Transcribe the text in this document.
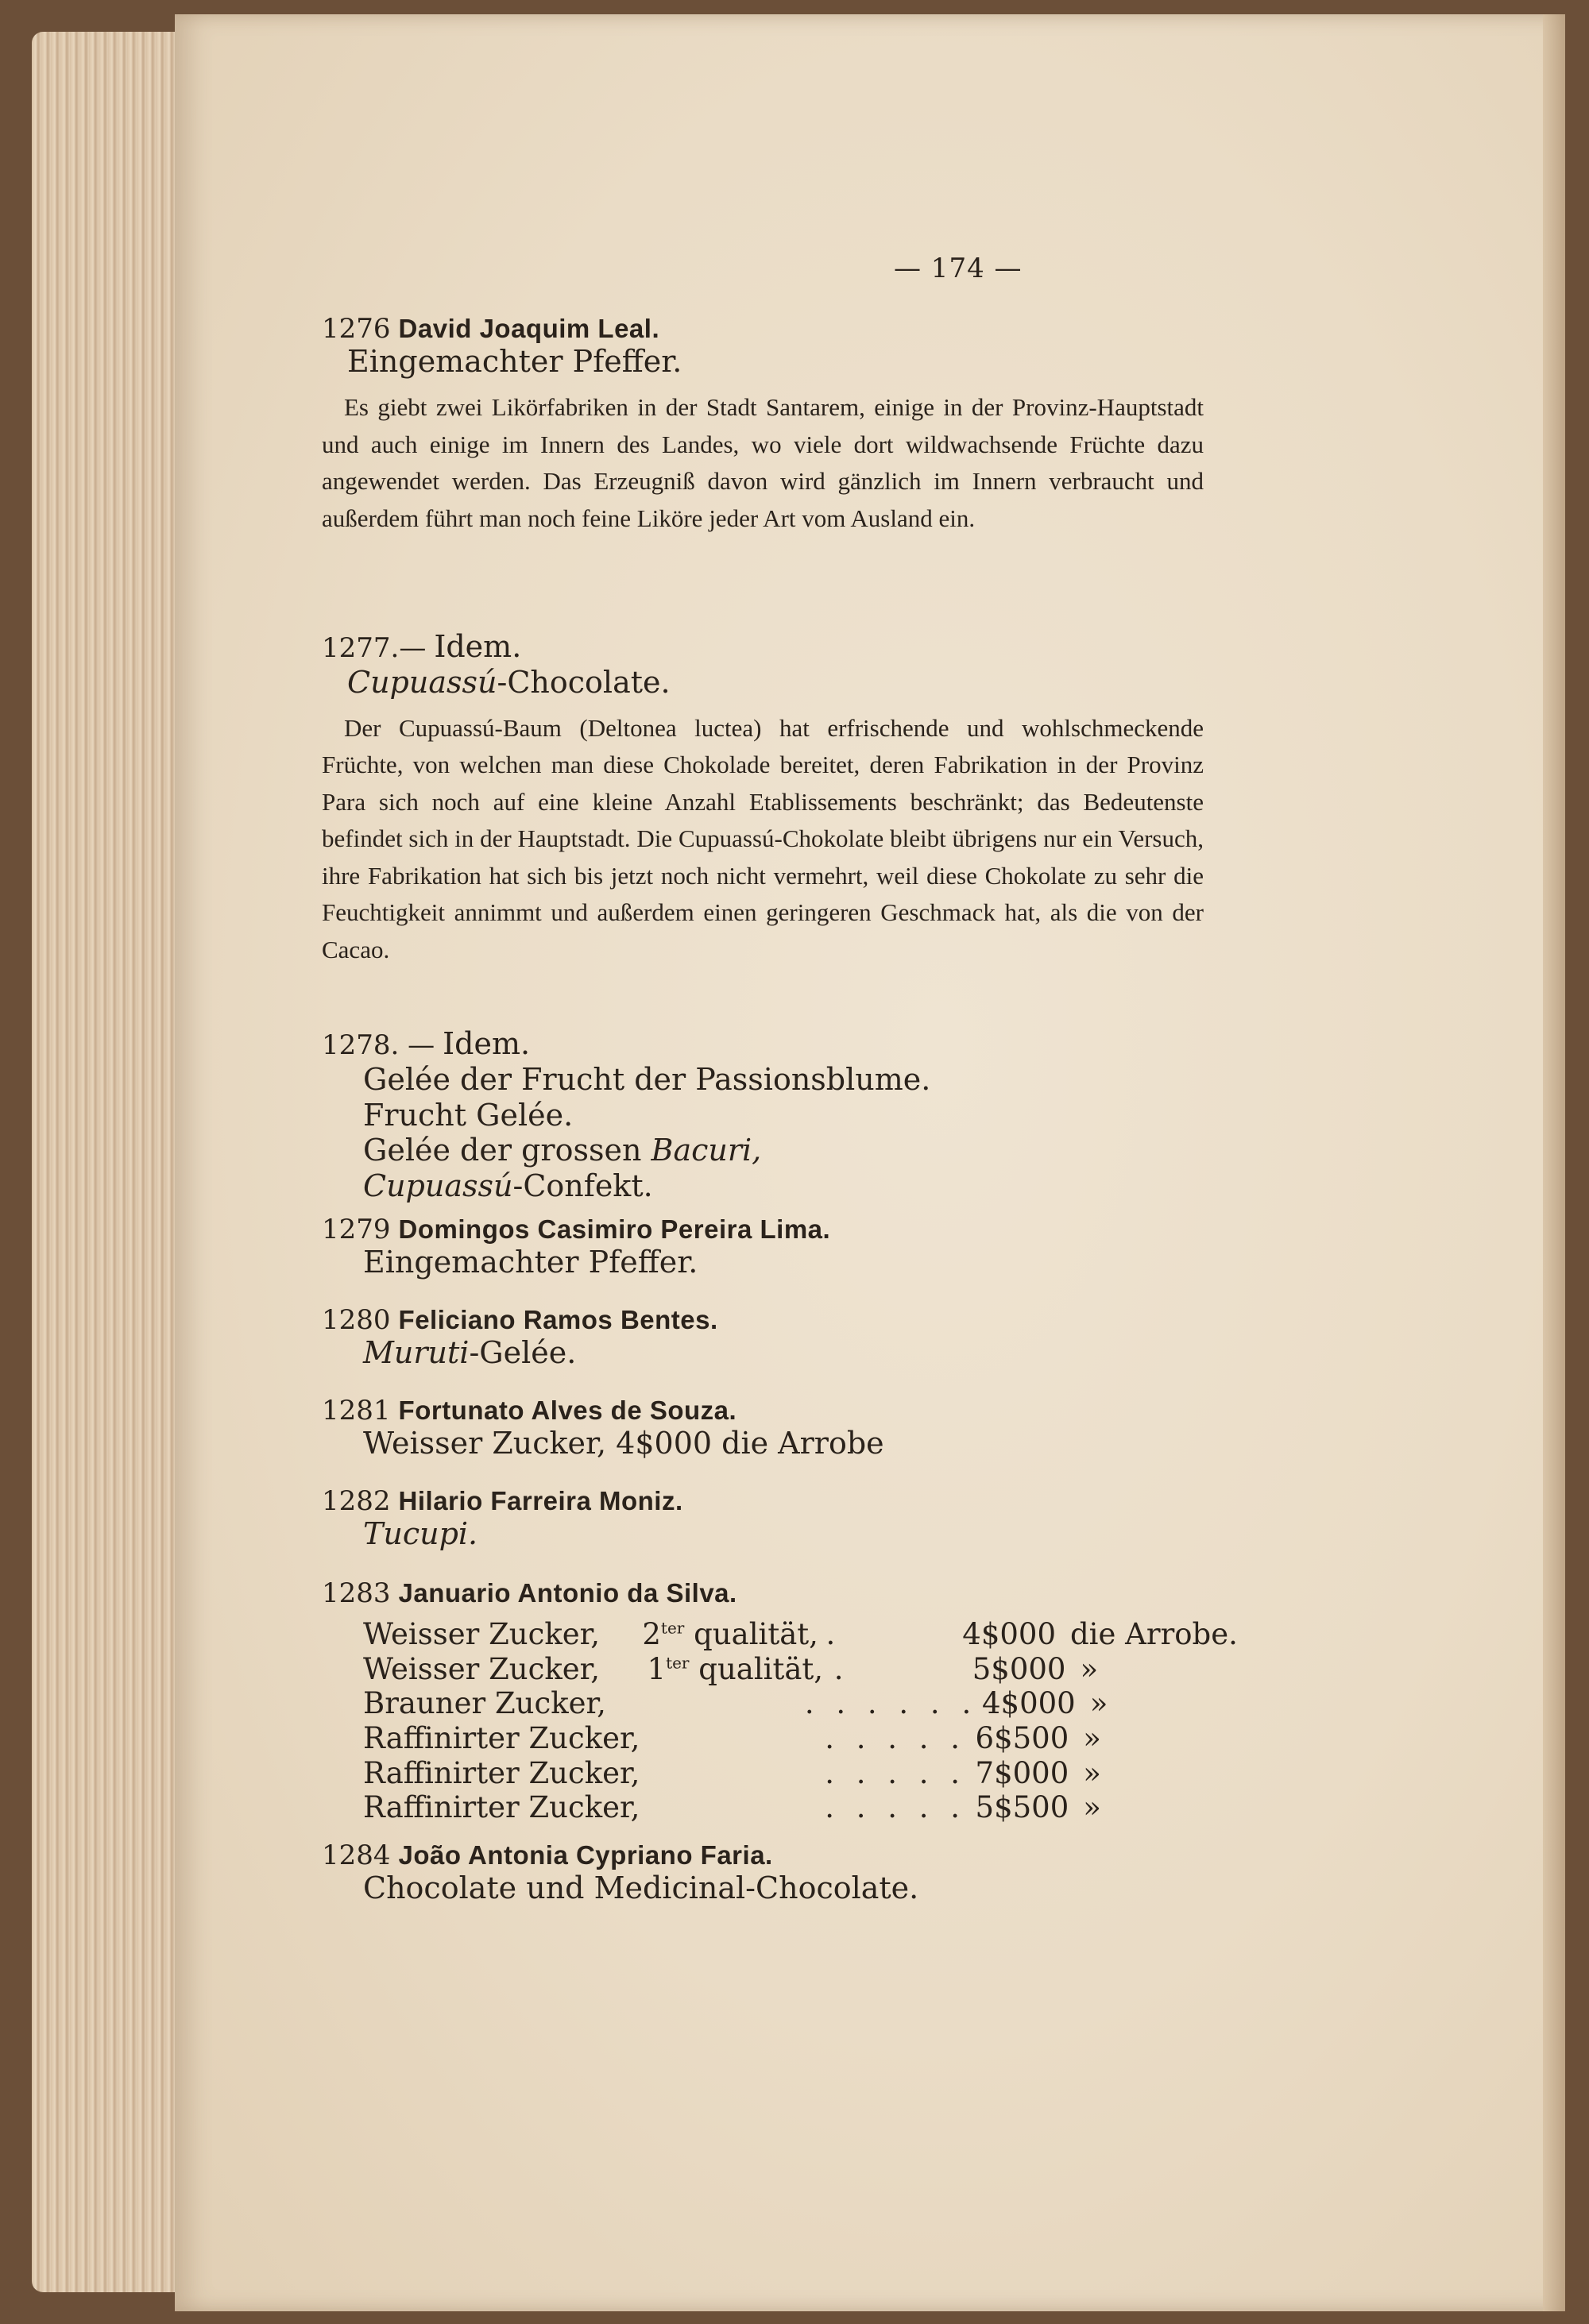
— 174 —
1276 David Joaquim Leal.
Eingemachter Pfeffer.

Es giebt zwei Likörfabriken in der Stadt Santarem, einige in der Provinz-Hauptstadt und auch einige im Innern des Landes, wo viele dort wildwachsende Früchte dazu angewendet werden. Das Erzeugniß davon wird gänzlich im Innern verbraucht und außerdem führt man noch feine Liköre jeder Art vom Ausland ein.

1277.— Idem.
Cupuassú-Chocolate.

Der Cupuassú-Baum (Deltonea luctea) hat erfrischende und wohlschmeckende Früchte, von welchen man diese Chokolade bereitet, deren Fabrikation in der Provinz Para sich noch auf eine kleine Anzahl Etablissements beschränkt; das Bedeutenste befindet sich in der Hauptstadt. Die Cupuassú-Chokolate bleibt übrigens nur ein Versuch, ihre Fabrikation hat sich bis jetzt noch nicht vermehrt, weil diese Chokolate zu sehr die Feuchtigkeit annimmt und außerdem einen geringeren Geschmack hat, als die von der Cacao.

1278. — Idem.
Gelée der Frucht der Passionsblume.
Frucht Gelée.
Gelée der grossen Bacuri,
Cupuassú-Confekt.
1279 Domingos Casimiro Pereira Lima.
Eingemachter Pfeffer.
1280 Feliciano Ramos Bentes.
Muruti-Gelée.
1281 Fortunato Alves de Souza.
Weisser Zucker, 4$000 die Arrobe
1282 Hilario Farreira Moniz.
Tucupi.
1283 Januario Antonio da Silva.
Weisser Zucker,	$2^{ter}$ qualität, .	4$000 die Arrobe.
Weisser Zucker,	$1^{ter}$ qualität, .	5$000 »
Brauner Zucker,	. . . . . . 4$000 »
Raffinirter Zucker,	. . . . . 6$500 »
Raffinirter Zucker,	. . . . . 7$000 »
Raffinirter Zucker,	. . . . . 5$500 »
1284 João Antonia Cypriano Faria.
Chocolate und Medicinal-Chocolate.
